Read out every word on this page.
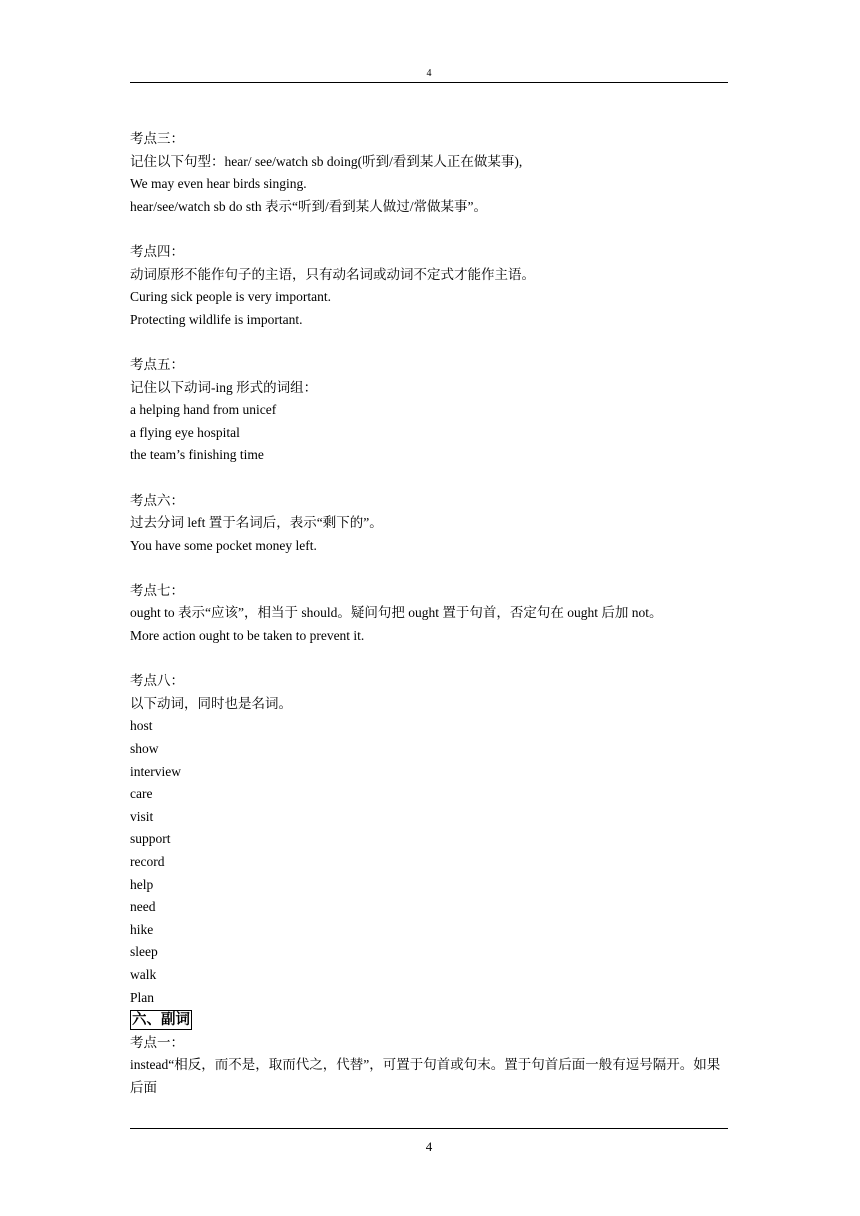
4
考点三：
记住以下句型：hear/ see/watch sb doing(听到/看到某人正在做某事),
We may even hear birds singing.
hear/see/watch sb do sth 表示“听到/看到某人做过/常做某事”。
考点四：
动词原形不能作句子的主语，只有动名词或动词不定式才能作主语。
Curing sick people is very important.
Protecting wildlife is important.
考点五：
记住以下动词-ing 形式的词组：
a helping hand from unicef
a flying eye hospital
the team’s finishing time
考点六：
过去分词 left 置于名词后，表示“剩下的”。
You have some pocket money left.
考点七：
ought to 表示“应该”，相当于 should。疑问句把 ought 置于句首，否定句在 ought 后加 not。
More action ought to be taken to prevent it.
考点八：
以下动词，同时也是名词。
host
show
interview
care
visit
support
record
help
need
hike
sleep
walk
Plan
六、副词
考点一：
instead“相反，而不是，取而代之，代替”，可置于句首或句末。置于句首后面一般有逗号隔开。如果后面
4
